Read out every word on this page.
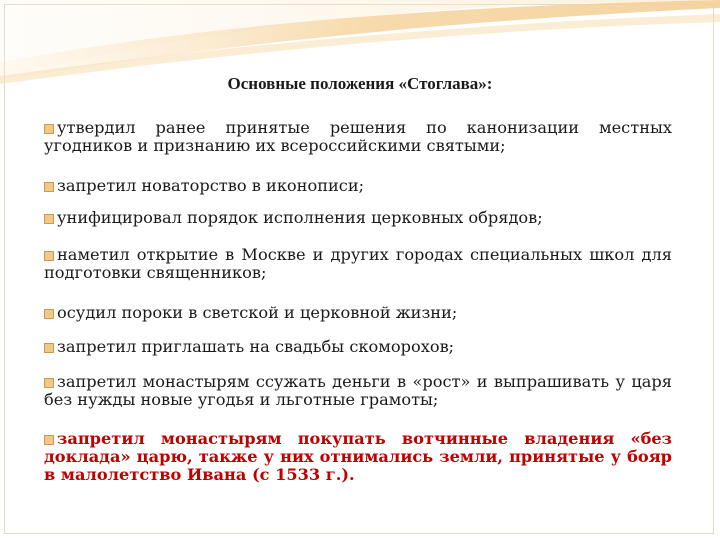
Основные положения «Стоглава»:
утвердил ранее принятые решения по канонизации местных угодников и признанию их всероссийскими святыми;
запретил новаторство в иконописи;
унифицировал порядок исполнения церковных обрядов;
наметил открытие в Москве и других городах специальных школ для подготовки священников;
осудил пороки в светской и церковной жизни;
запретил приглашать на свадьбы скоморохов;
запретил монастырям ссужать деньги в «рост» и выпрашивать у царя без нужды новые угодья и льготные грамоты;
запретил монастырям покупать вотчинные владения «без доклада» царю, также у них отнимались земли, принятые у бояр в малолетство Ивана (с 1533 г.).
